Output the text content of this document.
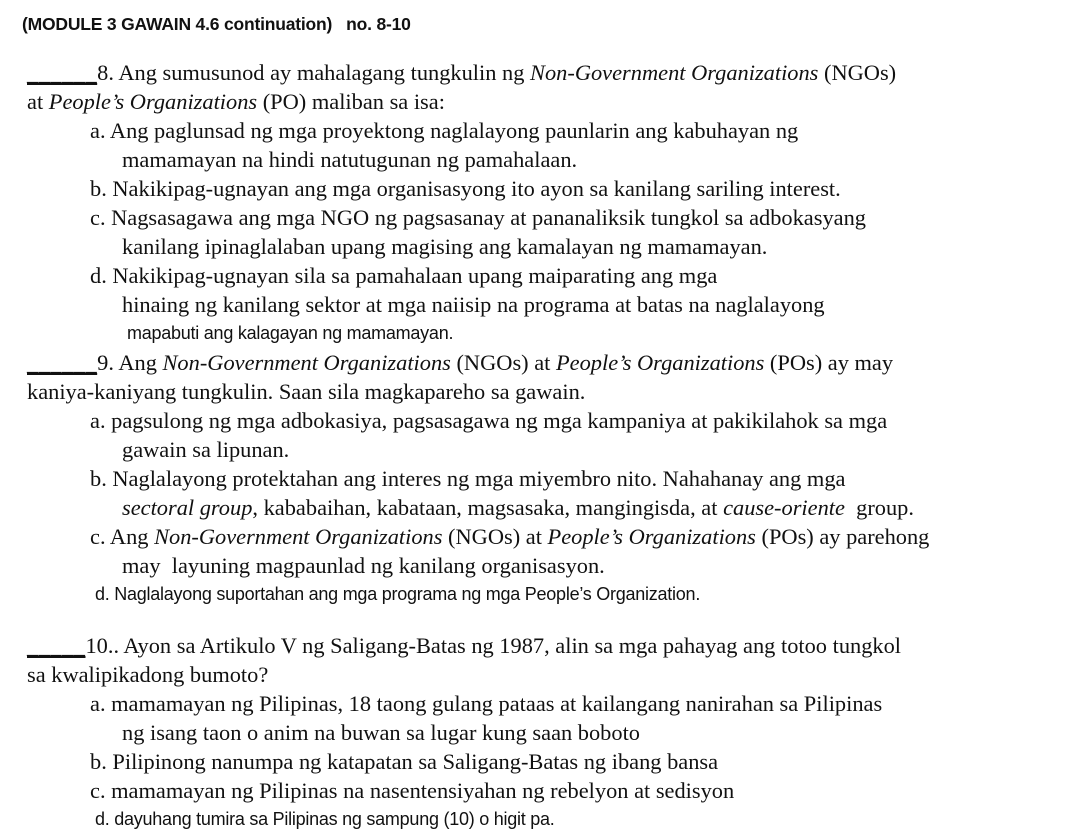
(MODULE 3 GAWAIN 4.6 continuation) no. 8-10
______8. Ang sumusunod ay mahalagang tungkulin ng Non-Government Organizations (NGOs)
at People’s Organizations (PO) maliban sa isa:
a. Ang paglunsad ng mga proyektong naglalayong paunlarin ang kabuhayan ng
mamamayan na hindi natutugunan ng pamahalaan.
b. Nakikipag-ugnayan ang mga organisasyong ito ayon sa kanilang sariling interest.
c. Nagsasagawa ang mga NGO ng pagsasanay at pananaliksik tungkol sa adbokasyang
kanilang ipinaglalaban upang magising ang kamalayan ng mamamayan.
d. Nakikipag-ugnayan sila sa pamahalaan upang maiparating ang mga
hinaing ng kanilang sektor at mga naiisip na programa at batas na naglalayong
mapabuti ang kalagayan ng mamamayan.
______9. Ang Non-Government Organizations (NGOs) at People’s Organizations (POs) ay may
kaniya-kaniyang tungkulin. Saan sila magkapareho sa gawain.
a. pagsulong ng mga adbokasiya, pagsasagawa ng mga kampaniya at pakikilahok sa mga
gawain sa lipunan.
b. Naglalayong protektahan ang interes ng mga miyembro nito. Nahahanay ang mga
sectoral group, kababaihan, kabataan, magsasaka, mangingisda, at cause-oriente  group.
c. Ang Non-Government Organizations (NGOs) at People’s Organizations (POs) ay parehong
may  layuning magpaunlad ng kanilang organisasyon.
d. Naglalayong suportahan ang mga programa ng mga People’s Organization.
_____10.. Ayon sa Artikulo V ng Saligang-Batas ng 1987, alin sa mga pahayag ang totoo tungkol
sa kwalipikadong bumoto?
a. mamamayan ng Pilipinas, 18 taong gulang pataas at kailangang nanirahan sa Pilipinas
ng isang taon o anim na buwan sa lugar kung saan boboto
b. Pilipinong nanumpa ng katapatan sa Saligang-Batas ng ibang bansa
c. mamamayan ng Pilipinas na nasentensiyahan ng rebelyon at sedisyon
d. dayuhang tumira sa Pilipinas ng sampung (10) o higit pa.
